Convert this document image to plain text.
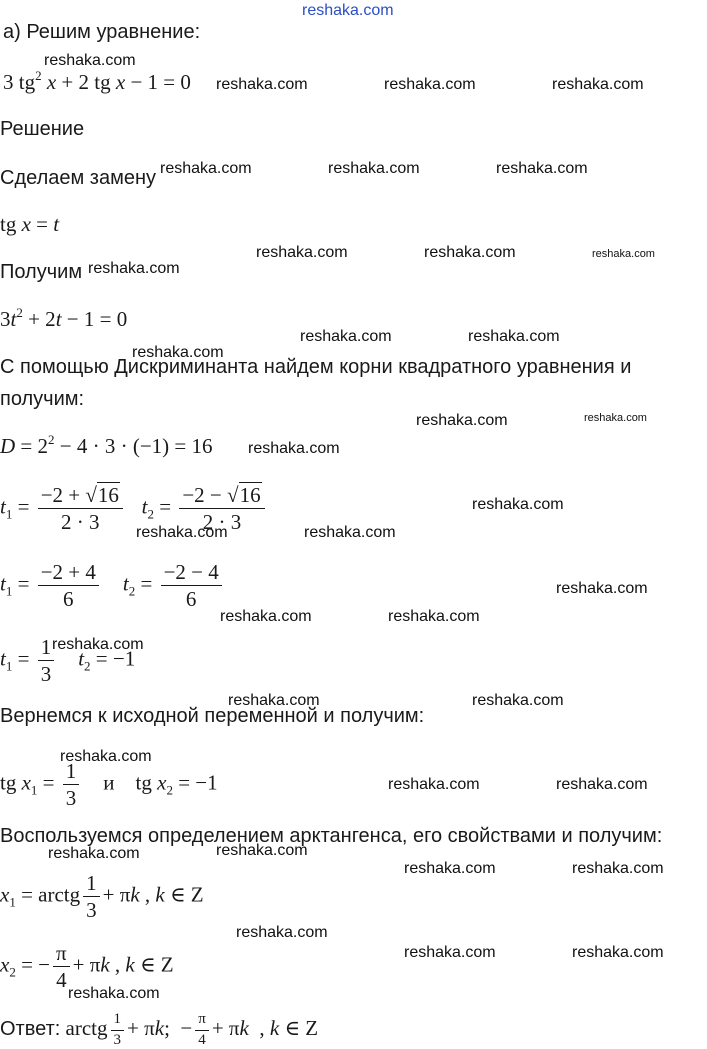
reshaka.com
а) Решим уравнение:
3 $tg^2$ x + 2 tg x − 1 = 0
Решение
Сделаем замену
tg x = t
Получим
$3t^2 + 2t - 1 = 0$
С помощью Дискриминанта найдем корни квадратного уравнения и
получим:
$D = 2^2 - 4 \cdot 3 \cdot (-1) = 16$
$t_1 = \frac{-2 + √16}{2 \cdot 3} t_2 = \frac{-2 - √16}{2 \cdot 3}$
$t_1 = \frac{-2 + 4}{6} t_2 = \frac{-2 - 4}{6}$
$t_1 = \frac{1}{3} t_2 = -1$
Вернемся к исходной переменной и получим:
tg $x_1 = \frac{1}{3}$ и    tg $x_2 = -1$
Воспользуемся определением арктангенса, его свойствами и получим:
$x_1$ = arctg $\frac{1}{3} + \pi k$ , k ∈ Z
$x_2$ = − $\frac{\pi}{4} + \pi k$ , k ∈ Z
Ответ: arctg $\frac{1}{3} + \pi k$;  − $\frac{\pi}{4} + \pi k$  , k ∈ Z
reshaka.com
reshaka.com	reshaka.com	reshaka.com
reshaka.com	reshaka.com	reshaka.com
reshaka.com	reshaka.com	reshaka.com
reshaka.com
reshaka.com	reshaka.com
reshaka.com
reshaka.com	reshaka.com
reshaka.com
reshaka.com
reshaka.com	reshaka.com
reshaka.com
reshaka.com	reshaka.com
reshaka.com
reshaka.com	reshaka.com
reshaka.com
reshaka.com	reshaka.com
reshaka.com
reshaka.com
reshaka.com	reshaka.com
reshaka.com
reshaka.com	reshaka.com
reshaka.com
